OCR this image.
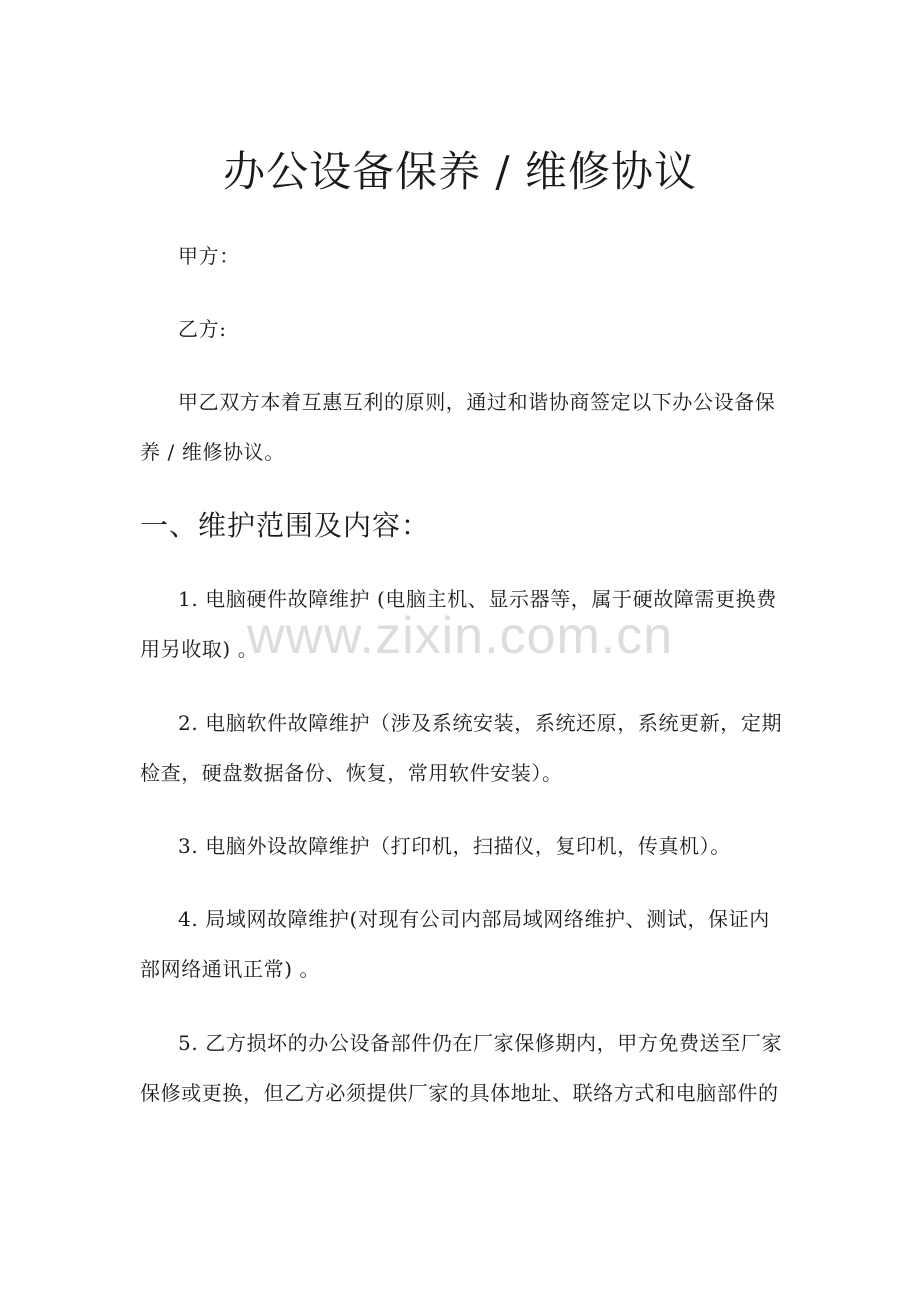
办公设备保养 / 维修协议
甲方：
乙方:
甲乙双方本着互惠互利的原则，通过和谐协商签定以下办公设备保
养 / 维修协议。
一、维护范围及内容：
1. 电脑硬件故障维护 (电脑主机、显示器等，属于硬故障需更换费
用另收取) 。
2. 电脑软件故障维护（涉及系统安装，系统还原，系统更新，定期
检查，硬盘数据备份、恢复，常用软件安装）。
3. 电脑外设故障维护（打印机，扫描仪，复印机，传真机）。
4. 局域网故障维护(对现有公司内部局域网络维护、测试，保证内
部网络通讯正常) 。
5. 乙方损坏的办公设备部件仍在厂家保修期内，甲方免费送至厂家
保修或更换，但乙方必须提供厂家的具体地址、联络方式和电脑部件的
www.zixin.com.cn
